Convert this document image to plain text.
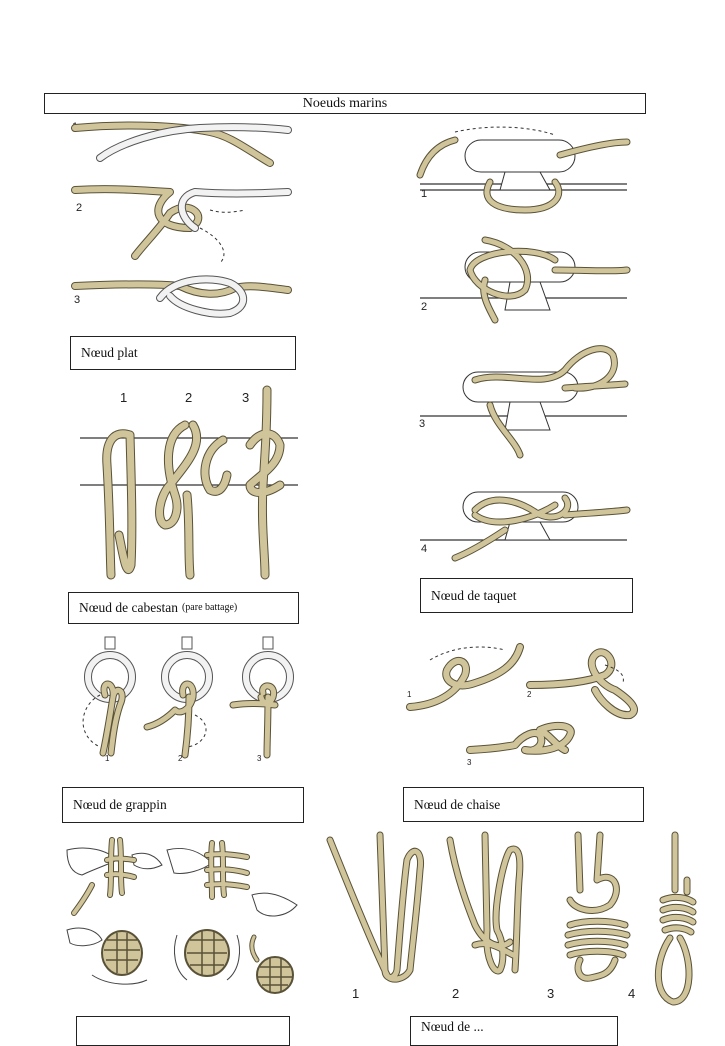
Noeuds marins
1
2
3
Nœud plat
1	2	3
Nœud de cabestan (pare battage)
1
2
3
4
Nœud de taquet
1	2	3
Nœud de grappin
1	2
3
Nœud de chaise
1	2	3	4
Nœud de ...
